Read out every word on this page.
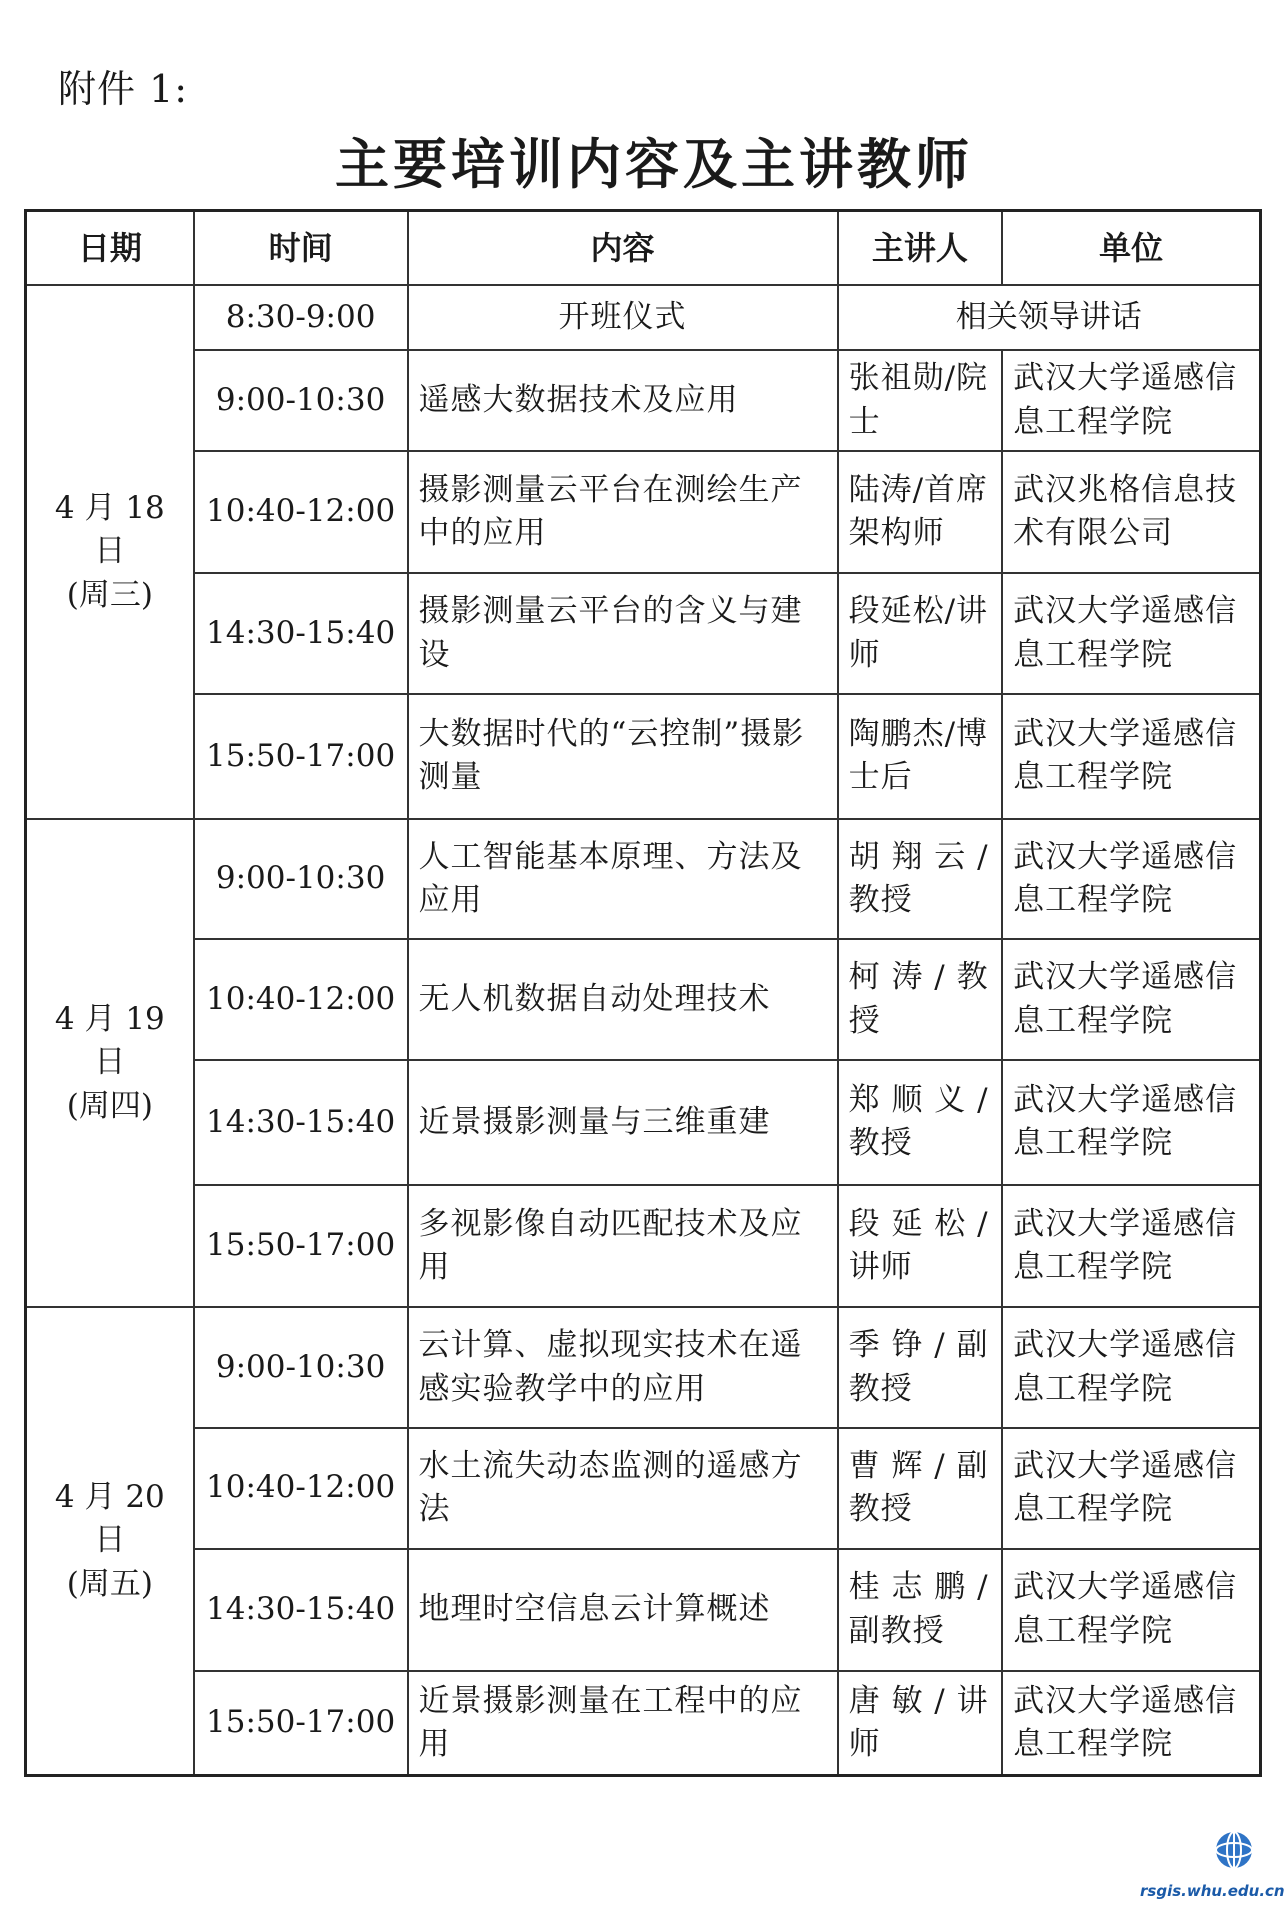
附件 1:
主要培训内容及主讲教师
日期	时间	内容	主讲人	单位

4 月 18 日
(周三)	8:30-9:00	开班仪式	相关领导讲话	
	9:00-10:30	遥感大数据技术及应用	张祖勋/院士	武汉大学遥感信息工程学院
	10:40-12:00	摄影测量云平台在测绘生产中的应用	陆涛/首席架构师	武汉兆格信息技术有限公司
	14:30-15:40	摄影测量云平台的含义与建设	段延松/讲师	武汉大学遥感信息工程学院
	15:50-17:00	大数据时代的“云控制”摄影测量	陶鹏杰/博士后	武汉大学遥感信息工程学院

4 月 19 日
(周四)	9:00-10:30	人工智能基本原理、方法及应用	胡 翔 云 / 教授	武汉大学遥感信息工程学院
	10:40-12:00	无人机数据自动处理技术	柯 涛 / 教 授	武汉大学遥感信息工程学院
	14:30-15:40	近景摄影测量与三维重建	郑 顺 义 / 教授	武汉大学遥感信息工程学院
	15:50-17:00	多视影像自动匹配技术及应用	段 延 松 / 讲师	武汉大学遥感信息工程学院

4 月 20 日
(周五)	9:00-10:30	云计算、虚拟现实技术在遥感实验教学中的应用	季 铮 / 副教授	武汉大学遥感信息工程学院
	10:40-12:00	水土流失动态监测的遥感方法	曹 辉 / 副教授	武汉大学遥感信息工程学院
	14:30-15:40	地理时空信息云计算概述	桂 志 鹏 / 副教授	武汉大学遥感信息工程学院
	15:50-17:00	近景摄影测量在工程中的应用	唐 敏 / 讲师	武汉大学遥感信息工程学院
rsgis.whu.edu.cn
